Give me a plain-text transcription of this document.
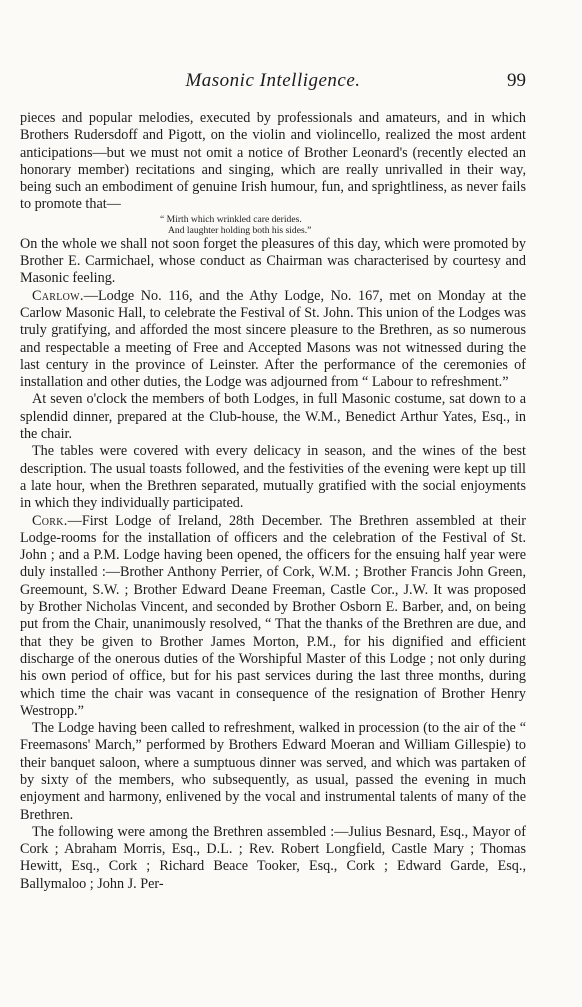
Masonic Intelligence.	99

pieces and popular melodies, executed by professionals and amateurs, and in which Brothers Rudersdoff and Pigott, on the violin and violincello, realized the most ardent anticipations—but we must not omit a notice of Brother Leonard's (recently elected an honorary member) recitations and singing, which are really unrivalled in their way, being such an embodiment of genuine Irish humour, fun, and sprightliness, as never fails to promote that—

“ Mirth which wrinkled care derides.
And laughter holding both his sides.”

On the whole we shall not soon forget the pleasures of this day, which were promoted by Brother E. Carmichael, whose conduct as Chairman was characterised by courtesy and Masonic feeling.

Carlow.—Lodge No. 116, and the Athy Lodge, No. 167, met on Monday at the Carlow Masonic Hall, to celebrate the Festival of St. John. This union of the Lodges was truly gratifying, and afforded the most sincere pleasure to the Brethren, as so numerous and respectable a meeting of Free and Accepted Masons was not witnessed during the last century in the province of Leinster. After the performance of the ceremonies of installation and other duties, the Lodge was adjourned from “ Labour to refreshment.”

At seven o'clock the members of both Lodges, in full Masonic costume, sat down to a splendid dinner, prepared at the Club-house, the W.M., Benedict Arthur Yates, Esq., in the chair.

The tables were covered with every delicacy in season, and the wines of the best description. The usual toasts followed, and the festivities of the evening were kept up till a late hour, when the Brethren separated, mutually gratified with the social enjoyments in which they individually participated.

Cork.—First Lodge of Ireland, 28th December. The Brethren assembled at their Lodge-rooms for the installation of officers and the celebration of the Festival of St. John ; and a P.M. Lodge having been opened, the officers for the ensuing half year were duly installed :—Brother Anthony Perrier, of Cork, W.M. ; Brother Francis John Green, Greemount, S.W. ; Brother Edward Deane Freeman, Castle Cor., J.W. It was proposed by Brother Nicholas Vincent, and seconded by Brother Osborn E. Barber, and, on being put from the Chair, unanimously resolved, “ That the thanks of the Brethren are due, and that they be given to Brother James Morton, P.M., for his dignified and efficient discharge of the onerous duties of the Worshipful Master of this Lodge ; not only during his own period of office, but for his past services during the last three months, during which time the chair was vacant in consequence of the resignation of Brother Henry Westropp.”

The Lodge having been called to refreshment, walked in procession (to the air of the “ Freemasons' March,” performed by Brothers Edward Moeran and William Gillespie) to their banquet saloon, where a sumptuous dinner was served, and which was partaken of by sixty of the members, who subsequently, as usual, passed the evening in much enjoyment and harmony, enlivened by the vocal and instrumental talents of many of the Brethren.

The following were among the Brethren assembled :—Julius Besnard, Esq., Mayor of Cork ; Abraham Morris, Esq., D.L. ; Rev. Robert Longfield, Castle Mary ; Thomas Hewitt, Esq., Cork ; Richard Beace Tooker, Esq., Cork ; Edward Garde, Esq., Ballymaloo ; John J. Per-
